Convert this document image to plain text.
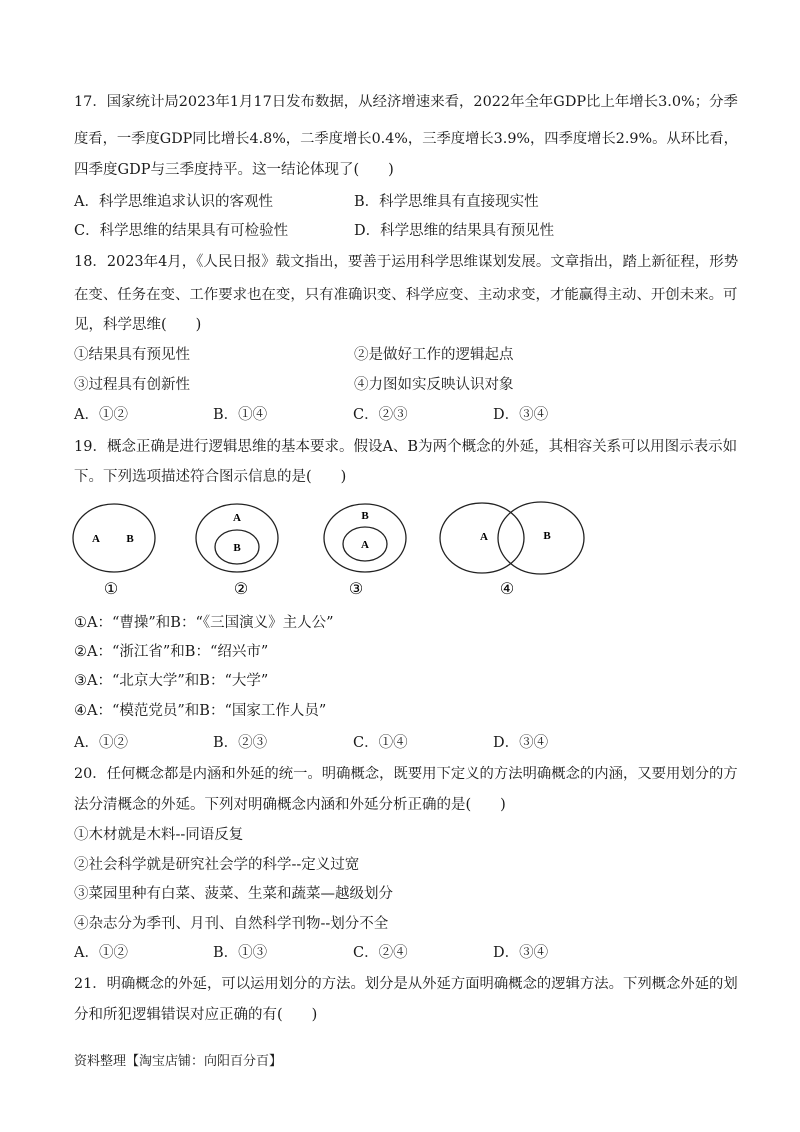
17．国家统计局2023年1月17日发布数据，从经济增速来看，2022年全年GDP比上年增长3.0%；分季
度看，一季度GDP同比增长4.8%，二季度增长0.4%，三季度增长3.9%，四季度增长2.9%。从环比看，
四季度GDP与三季度持平。这一结论体现了(　　)
A．科学思维追求认识的客观性	B．科学思维具有直接现实性
C．科学思维的结果具有可检验性	D．科学思维的结果具有预见性
18．2023年4月，《人民日报》载文指出，要善于运用科学思维谋划发展。文章指出，踏上新征程，形势
在变、任务在变、工作要求也在变，只有准确识变、科学应变、主动求变，才能赢得主动、开创未来。可
见，科学思维(　　)
①结果具有预见性	②是做好工作的逻辑起点
③过程具有创新性	④力图如实反映认识对象
A．①②	B．①④	C．②③	D．③④
19．概念正确是进行逻辑思维的基本要求。假设A、B为两个概念的外延，其相容关系可以用图示表示如
下。下列选项描述符合图示信息的是(　　)
A B
①
A
B
②
B
A
③
A	B
④
①A：“曹操”和B：“《三国演义》主人公”
②A：“浙江省”和B：“绍兴市”
③A：“北京大学”和B：“大学”
④A：“模范党员”和B：“国家工作人员”
A．①②	B．②③	C．①④	D．③④
20．任何概念都是内涵和外延的统一。明确概念，既要用下定义的方法明确概念的内涵，又要用划分的方
法分清概念的外延。下列对明确概念内涵和外延分析正确的是(　　)
①木材就是木料--同语反复
②社会科学就是研究社会学的科学--定义过宽
③菜园里种有白菜、菠菜、生菜和蔬菜—越级划分
④杂志分为季刊、月刊、自然科学刊物--划分不全
A．①②	B．①③	C．②④	D．③④
21．明确概念的外延，可以运用划分的方法。划分是从外延方面明确概念的逻辑方法。下列概念外延的划
分和所犯逻辑错误对应正确的有(　　)
资料整理【淘宝店铺：向阳百分百】
